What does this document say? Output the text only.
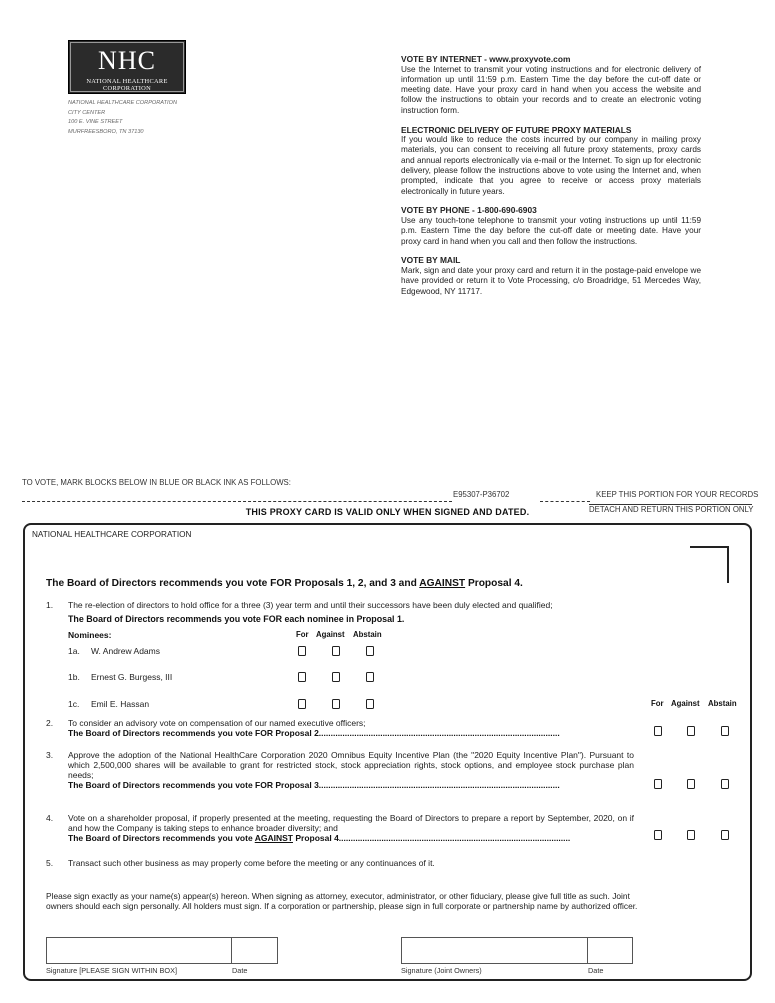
NHC
NATIONAL HEALTHCARE CORPORATION
NATIONAL HEALTHCARE CORPORATION
CITY CENTER
100 E. VINE STREET
MURFREESBORO, TN 37130
VOTE BY INTERNET - www.proxyvote.com

Use the Internet to transmit your voting instructions and for electronic delivery of information up until 11:59 p.m. Eastern Time the day before the cut-off date or meeting date. Have your proxy card in hand when you access the website and follow the instructions to obtain your records and to create an electronic voting instruction form.

ELECTRONIC DELIVERY OF FUTURE PROXY MATERIALS

If you would like to reduce the costs incurred by our company in mailing proxy materials, you can consent to receiving all future proxy statements, proxy cards and annual reports electronically via e-mail or the Internet. To sign up for electronic delivery, please follow the instructions above to vote using the Internet and, when prompted, indicate that you agree to receive or access proxy materials electronically in future years.

VOTE BY PHONE - 1-800-690-6903

Use any touch-tone telephone to transmit your voting instructions up until 11:59 p.m. Eastern Time the day before the cut-off date or meeting date. Have your proxy card in hand when you call and then follow the instructions.

VOTE BY MAIL

Mark, sign and date your proxy card and return it in the postage-paid envelope we have provided or return it to Vote Processing, c/o Broadridge, 51 Mercedes Way, Edgewood, NY 11717.

TO VOTE, MARK BLOCKS BELOW IN BLUE OR BLACK INK AS FOLLOWS:
E95307-P36702	KEEP THIS PORTION FOR YOUR RECORDS
DETACH AND RETURN THIS PORTION ONLY
THIS PROXY CARD IS VALID ONLY WHEN SIGNED AND DATED.
NATIONAL HEALTHCARE CORPORATION
The Board of Directors recommends you vote FOR Proposals 1, 2, and 3 and AGAINST Proposal 4.
1. The re-election of directors to hold office for a three (3) year term and until their successors have been duly elected and qualified;
The Board of Directors recommends you vote FOR each nominee in Proposal 1.
Nominees:	For Against Abstain
1a. W. Andrew Adams
1b. Ernest G. Burgess, III
1c. Emil E. Hassan	For Against Abstain
2. To consider an advisory vote on compensation of our named executive officers;
The Board of Directors recommends you vote FOR Proposal 2......................................................................................................
3. Approve the adoption of the National HealthCare Corporation 2020 Omnibus Equity Incentive Plan (the "2020 Equity Incentive Plan"). Pursuant to which 2,500,000 shares will be available to grant for restricted stock, stock appreciation rights, stock options, and employee stock purchase plan needs;
The Board of Directors recommends you vote FOR Proposal 3......................................................................................................
4. Vote on a shareholder proposal, if properly presented at the meeting, requesting the Board of Directors to prepare a report by September, 2020, on if and how the Company is taking steps to enhance broader diversity; and
The Board of Directors recommends you vote AGAINST Proposal 4..................................................................................................
5. Transact such other business as may properly come before the meeting or any continuances of it.
Please sign exactly as your name(s) appear(s) hereon. When signing as attorney, executor, administrator, or other fiduciary, please give full title as such. Joint owners should each sign personally. All holders must sign. If a corporation or partnership, please sign in full corporate or partnership name by authorized officer.
Signature [PLEASE SIGN WITHIN BOX]	Date	Signature (Joint Owners)	Date
